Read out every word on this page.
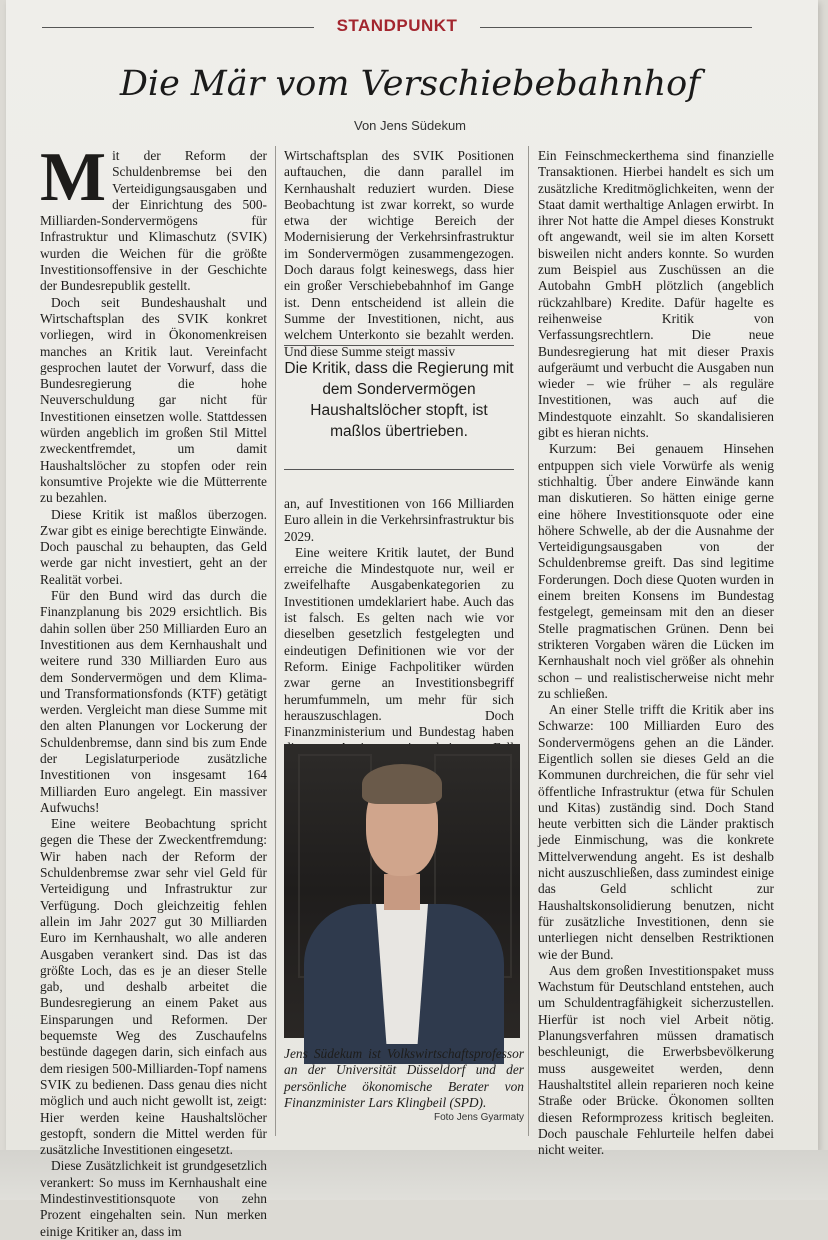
STANDPUNKT
Die Mär vom Verschiebebahnhof
Von Jens Südekum
M it der Reform der Schuldenbremse bei den Verteidigungsausgaben und der Einrichtung des 500-Milliarden-Sondervermögens für Infrastruktur und Klimaschutz (SVIK) wurden die Weichen für die größte Investitionsoffensive in der Geschichte der Bundesrepublik gestellt.

Doch seit Bundeshaushalt und Wirtschaftsplan des SVIK konkret vorliegen, wird in Ökonomenkreisen manches an Kritik laut. Vereinfacht gesprochen lautet der Vorwurf, dass die Bundesregierung die hohe Neuverschuldung gar nicht für Investitionen einsetzen wolle. Stattdessen würden angeblich im großen Stil Mittel zweckentfremdet, um damit Haushaltslöcher zu stopfen oder rein konsumtive Projekte wie die Mütterrente zu bezahlen.

Diese Kritik ist maßlos überzogen. Zwar gibt es einige berechtigte Einwände. Doch pauschal zu behaupten, das Geld werde gar nicht investiert, geht an der Realität vorbei.

Für den Bund wird das durch die Finanzplanung bis 2029 ersichtlich. Bis dahin sollen über 250 Milliarden Euro an Investitionen aus dem Kernhaushalt und weitere rund 330 Milliarden Euro aus dem Sondervermögen und dem Klima- und Transformationsfonds (KTF) getätigt werden. Vergleicht man diese Summe mit den alten Planungen vor Lockerung der Schuldenbremse, dann sind bis zum Ende der Legislaturperiode zusätzliche Investitionen von insgesamt 164 Milliarden Euro angelegt. Ein massiver Aufwuchs!

Eine weitere Beobachtung spricht gegen die These der Zweckentfremdung: Wir haben nach der Reform der Schuldenbremse zwar sehr viel Geld für Verteidigung und Infrastruktur zur Verfügung. Doch gleichzeitig fehlen allein im Jahr 2027 gut 30 Milliarden Euro im Kernhaushalt, wo alle anderen Ausgaben verankert sind. Das ist das größte Loch, das es je an dieser Stelle gab, und deshalb arbeitet die Bundesregierung an einem Paket aus Einsparungen und Reformen. Der bequemste Weg des Zuschaufelns bestünde dagegen darin, sich einfach aus dem riesigen 500-Milliarden-Topf namens SVIK zu bedienen. Dass genau dies nicht möglich und auch nicht gewollt ist, zeigt: Hier werden keine Haushaltslöcher gestopft, sondern die Mittel werden für zusätzliche Investitionen eingesetzt.

Diese Zusätzlichkeit ist grundgesetzlich verankert: So muss im Kernhaushalt eine Mindestinvestitionsquote von zehn Prozent eingehalten sein. Nun merken einige Kritiker an, dass im

Wirtschaftsplan des SVIK Positionen auftauchen, die dann parallel im Kernhaushalt reduziert wurden. Diese Beobachtung ist zwar korrekt, so wurde etwa der wichtige Bereich der Modernisierung der Verkehrsinfrastruktur im Sondervermögen zusammengezogen. Doch daraus folgt keineswegs, dass hier ein großer Verschiebebahnhof im Gange ist. Denn entscheidend ist allein die Summe der Investitionen, nicht, aus welchem Unterkonto sie bezahlt werden. Und diese Summe steigt massiv

Die Kritik, dass die Regierung mit dem Sondervermögen Haushaltslöcher stopft, ist maßlos übertrieben.

an, auf Investitionen von 166 Milliarden Euro allein in die Verkehrsinfrastruktur bis 2029.

Eine weitere Kritik lautet, der Bund erreiche die Mindestquote nur, weil er zweifelhafte Ausgabenkategorien zu Investitionen umdeklariert habe. Auch das ist falsch. Es gelten nach wie vor dieselben gesetzlich festgelegten und eindeutigen Definitionen wie vor der Reform. Einige Fachpolitiker würden zwar gerne an Investitionsbegriff herumfummeln, um mehr für sich herauszuschlagen. Doch Finanzministerium und Bundestag haben

Jens Südekum ist Volkswirtschaftsprofessor an der Universität Düsseldorf und der persönliche ökonomische Berater von Finanzminister Lars Klingbeil (SPD).
Foto Jens Gyarmaty

Ein Feinschmeckerthema sind finanzielle Transaktionen. Hierbei handelt es sich um zusätzliche Kreditmöglichkeiten, wenn der Staat damit werthaltige Anlagen erwirbt. In ihrer Not hatte die Ampel dieses Konstrukt oft angewandt, weil sie im alten Korsett bisweilen nicht anders konnte. So wurden zum Beispiel aus Zuschüssen an die Autobahn GmbH plötzlich (angeblich rückzahlbare) Kredite. Dafür hagelte es reihenweise Kritik von Verfassungsrechtlern. Die neue Bundesregierung hat mit dieser Praxis aufgeräumt und verbucht die Ausgaben nun wieder – wie früher – als reguläre Investitionen, was auch auf die Mindestquote einzahlt. So skandalisieren gibt es hieran nichts.

Kurzum: Bei genauem Hinsehen entpuppen sich viele Vorwürfe als wenig stichhaltig. Über andere Einwände kann man diskutieren. So hätten einige gerne eine höhere Investitionsquote oder eine höhere Schwelle, ab der die Ausnahme der Verteidigungsausgaben von der Schuldenbremse greift. Das sind legitime Forderungen. Doch diese Quoten wurden in einem breiten Konsens im Bundestag festgelegt, gemeinsam mit den an dieser Stelle pragmatischen Grünen. Denn bei strikteren Vorgaben wären die Lücken im Kernhaushalt noch viel größer als ohnehin schon – und realistischerweise nicht mehr zu schließen.

An einer Stelle trifft die Kritik aber ins Schwarze: 100 Milliarden Euro des Sondervermögens gehen an die Länder. Eigentlich sollen sie dieses Geld an die Kommunen durchreichen, die für sehr viel öffentliche Infrastruktur (etwa für Schulen und Kitas) zuständig sind. Doch Stand heute verbitten sich die Länder praktisch jede Einmischung, was die konkrete Mittelverwendung angeht. Es ist deshalb nicht auszuschließen, dass zumindest einige das Geld schlicht zur Haushaltskonsolidierung benutzen, nicht für zusätzliche Investitionen, denn sie unterliegen nicht denselben Restriktionen wie der Bund.

Aus dem großen Investitionspaket muss Wachstum für Deutschland entstehen, auch um Schuldentragfähigkeit sicherzustellen. Hierfür ist noch viel Arbeit nötig. Planungsverfahren müssen dramatisch beschleunigt, die Erwerbsbevölkerung muss ausgeweitet werden, denn Haushaltstitel allein reparieren noch keine Straße oder Brücke. Ökonomen sollten diesen Reformprozess kritisch begleiten. Doch pauschale Fehlurteile helfen dabei nicht weiter.
